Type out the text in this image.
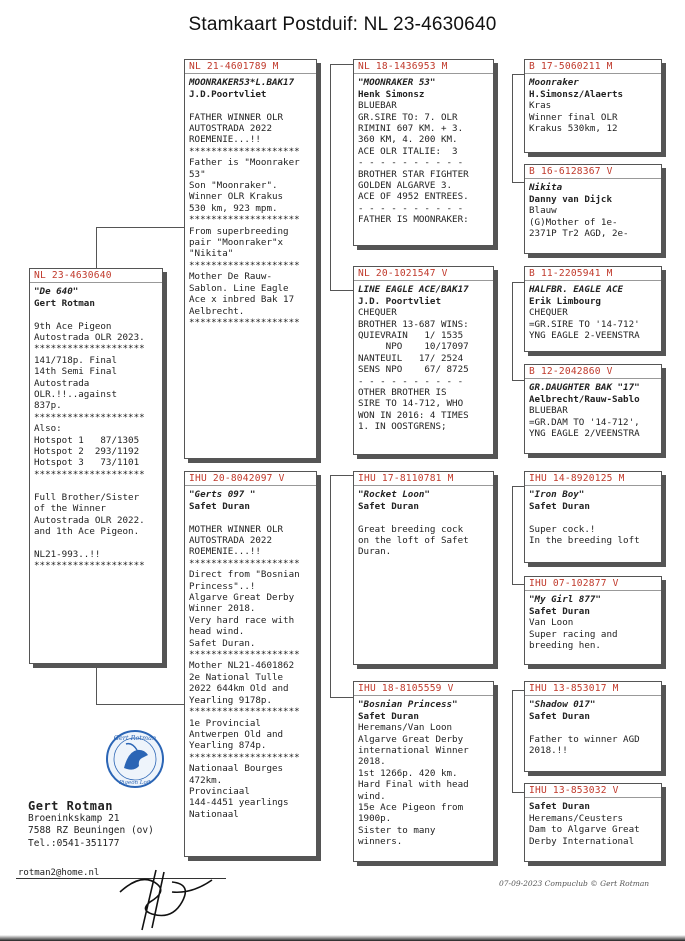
Stamkaart Postduif: NL 23-4630640
NL 23-4630640
"De 640"
Gert Rotman
9th Ace Pigeon
Autostrada OLR 2023.
********************
141/718p. Final
14th Semi Final
Autostrada
OLR.!!..against
837p.
********************
Also:
Hotspot 1   87/1305
Hotspot 2  293/1192
Hotspot 3   73/1101
********************
Full Brother/Sister
of the Winner
Autostrada OLR 2022.
and 1th Ace Pigeon.
NL21-993..!!
********************
NL 21-4601789 M
MOONRAKER53*L.BAK17
J.D.Poortvliet
FATHER WINNER OLR
AUTOSTRADA 2022
ROEMENIE...!!
********************
Father is "Moonraker
53"
Son "Moonraker".
Winner OLR Krakus
530 km, 923 mpm.
********************
From superbreeding
pair "Moonraker"x
"Nikita"
********************
Mother De Rauw-
Sablon. Line Eagle
Ace x inbred Bak 17
Aelbrecht.
********************
IHU 20-8042097 V
"Gerts 097 "
Safet Duran
MOTHER WINNER OLR
AUTOSTRADA 2022
ROEMENIE...!!
********************
Direct from "Bosnian
Princess"..!
Algarve Great Derby
Winner 2018.
Very hard race with
head wind.
Safet Duran.
********************
Mother NL21-4601862
2e National Tulle
2022 644km Old and
Yearling 9178p.
********************
1e Provincial
Antwerpen Old and
Yearling 874p.
********************
Nationaal Bourges
472km.
Provinciaal
144-4451 yearlings
Nationaal
NL 18-1436953 M
"MOONRAKER 53"
Henk Simonsz
BLUEBAR
GR.SIRE TO: 7. OLR
RIMINI 607 KM. + 3.
360 KM, 4. 200 KM.
ACE OLR ITALIE:  3
- - - - - - - - - -
BROTHER STAR FIGHTER
GOLDEN ALGARVE 3.
ACE OF 4952 ENTREES.
- - - - - - - - - -
FATHER IS MOONRAKER:
NL 20-1021547 V
LINE EAGLE ACE/BAK17
J.D. Poortvliet
CHEQUER
BROTHER 13-687 WINS:
QUIEVRAIN   1/ 1535
NPO    10/17097
NANTEUIL   17/ 2524
SENS NPO    67/ 8725
- - - - - - - - - -
OTHER BROTHER IS
SIRE TO 14-712, WHO
WON IN 2016: 4 TIMES
1. IN OOSTGRENS;
IHU 17-8110781 M
"Rocket Loon"
Safet Duran
Great breeding cock
on the loft of Safet
Duran.
IHU 18-8105559 V
"Bosnian Princess"
Safet Duran
Heremans/Van Loon
Algarve Great Derby
international Winner
2018.
1st 1266p. 420 km.
Hard Final with head
wind.
15e Ace Pigeon from
1900p.
Sister to many
winners.
B 17-5060211 M
Moonraker
H.Simonsz/Alaerts
Kras
Winner final OLR
Krakus 530km, 12
B 16-6128367 V
Nikita
Danny van Dijck
Blauw
(G)Mother of 1e-
2371P Tr2 AGD, 2e-
B 11-2205941 M
HALFBR. EAGLE ACE
Erik Limbourg
CHEQUER
=GR.SIRE TO '14-712'
YNG EAGLE 2-VEENSTRA
B 12-2042860 V
GR.DAUGHTER BAK "17"
Aelbrecht/Rauw-Sablo
BLUEBAR
=GR.DAM TO '14-712',
YNG EAGLE 2/VEENSTRA
IHU 14-8920125 M
"Iron Boy"
Safet Duran
Super cock.!
In the breeding loft
IHU 07-102877 V
"My Girl 877"
Safet Duran
Van Loon
Super racing and
breeding hen.
IHU 13-853017 M
"Shadow 017"
Safet Duran
Father to winner AGD
2018.!!
IHU 13-853032 V
Safet Duran
Heremans/Ceusters
Dam to Algarve Great
Derby International
Gert Rotman
Pigeon Loft
Gert Rotman
Broeninkskamp 21
7588 RZ Beuningen (ov)
Tel.:0541-351177
rotman2@home.nl
07-09-2023 Compuclub © Gert Rotman
